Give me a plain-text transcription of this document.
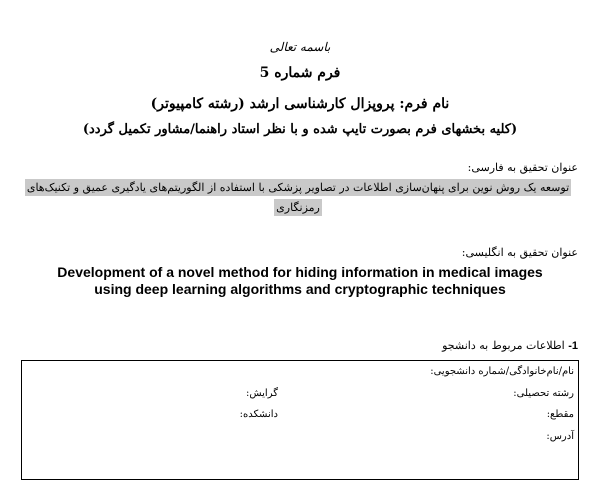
باسمه تعالی
فرم شماره 5
نام فرم: پروپزال کارشناسی ارشد (رشته کامپیوتر)
(کلیه بخشهای فرم بصورت تایپ شده و با نظر استاد راهنما/مشاور تکمیل گردد)
عنوان تحقیق به فارسی:
توسعه یک روش نوین برای پنهان‌سازی اطلاعات در تصاویر پزشکی با استفاده از الگوریتم‌های یادگیری عمیق و تکنیک‌های رمزنگاری
عنوان تحقیق به انگلیسی:
Development of a novel method for hiding information in medical images
using deep learning algorithms and cryptographic techniques
1- اطلاعات مربوط به دانشجو
نام/نام‌خانوادگی/شماره دانشجویی:
رشته تحصیلی:
گرایش:
مقطع:
دانشکده:
آدرس:
